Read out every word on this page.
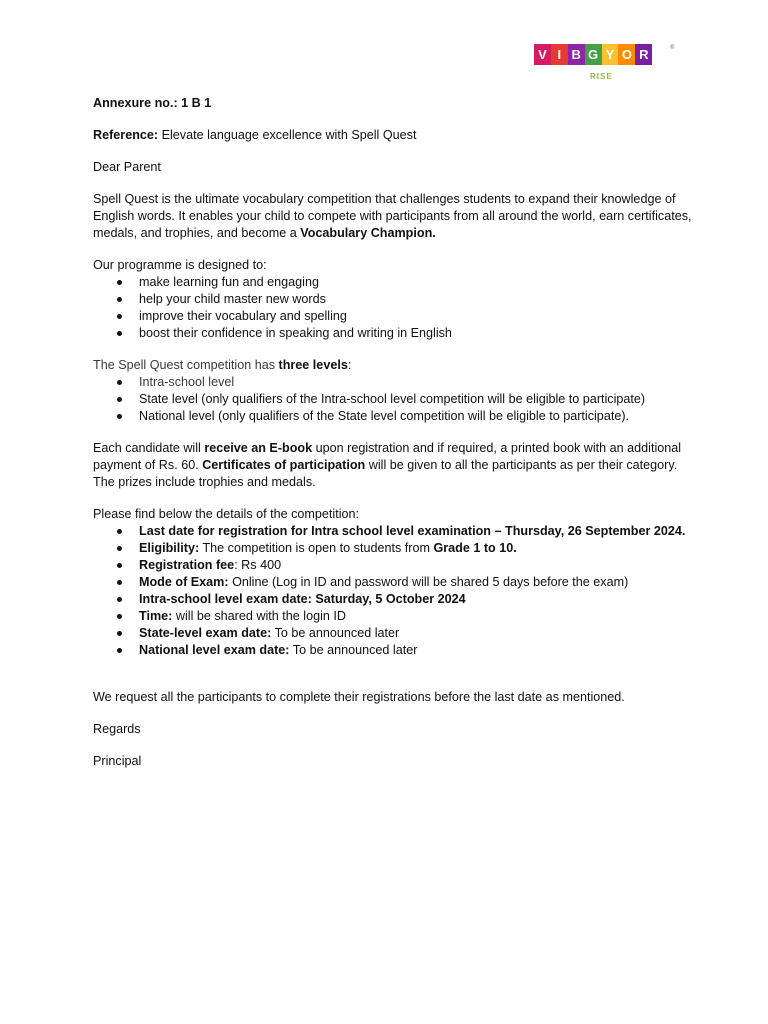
V I B G Y O R
RISE
®

Annexure no.: 1 B 1

Reference: Elevate language excellence with Spell Quest

Dear Parent

Spell Quest is the ultimate vocabulary competition that challenges students to expand their knowledge of English words. It enables your child to compete with participants from all around the world, earn certificates, medals, and trophies, and become a Vocabulary Champion.

Our programme is designed to:

make learning fun and engaging
help your child master new words
improve their vocabulary and spelling
boost their confidence in speaking and writing in English

The Spell Quest competition has three levels:

Intra-school level
State level (only qualifiers of the Intra-school level competition will be eligible to participate)
National level (only qualifiers of the State level competition will be eligible to participate).

Each candidate will receive an E-book upon registration and if required, a printed book with an additional payment of Rs. 60. Certificates of participation will be given to all the participants as per their category. The prizes include trophies and medals.

Please find below the details of the competition:

Last date for registration for Intra school level examination – Thursday, 26 September 2024.
Eligibility: The competition is open to students from Grade 1 to 10.
Registration fee: Rs 400
Mode of Exam: Online (Log in ID and password will be shared 5 days before the exam)
Intra-school level exam date: Saturday, 5 October 2024
Time: will be shared with the login ID
State-level exam date: To be announced later
National level exam date: To be announced later

We request all the participants to complete their registrations before the last date as mentioned.

Regards

Principal
